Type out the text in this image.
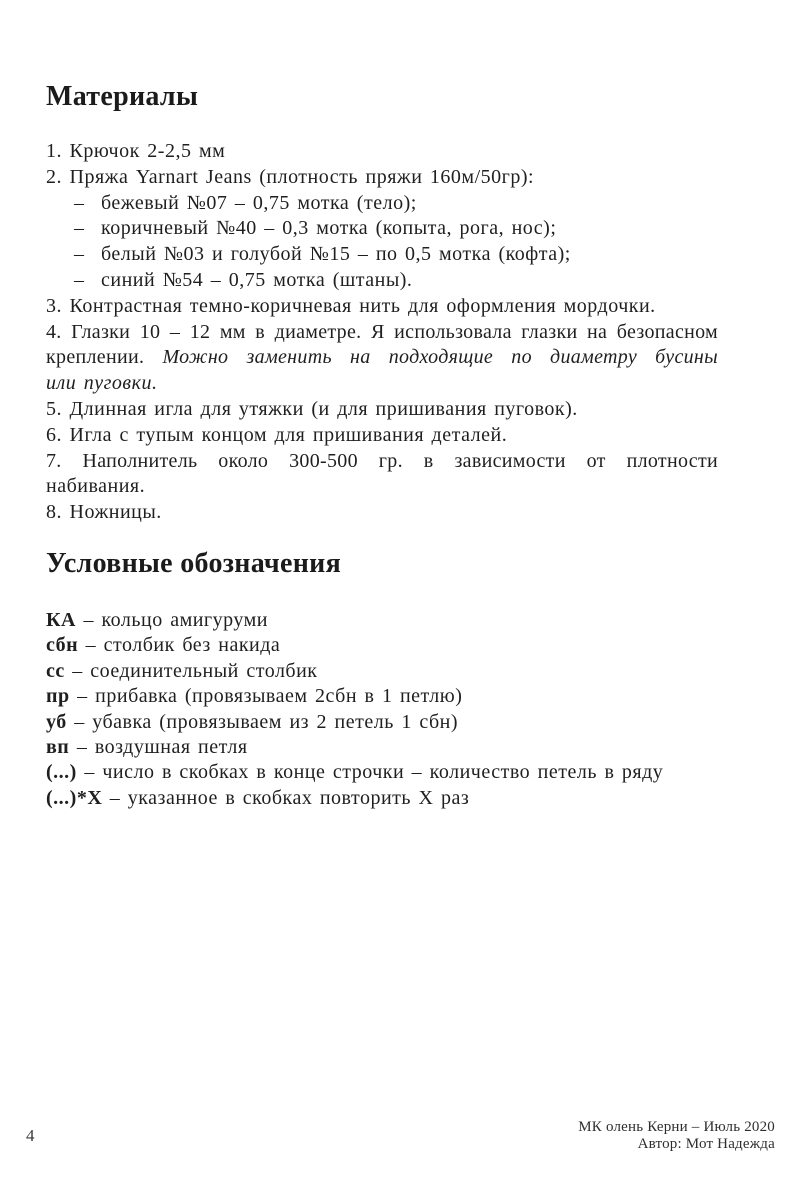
Материалы
1. Крючок 2-2,5 мм
2. Пряжа Yarnart Jeans (плотность пряжи 160м/50гр):
– бежевый №07 – 0,75 мотка (тело);
– коричневый №40 – 0,3 мотка (копыта, рога, нос);
– белый №03 и голубой №15 – по 0,5 мотка (кофта);
– синий №54 – 0,75 мотка (штаны).
3. Контрастная темно-коричневая нить для оформления мордочки.
4. Глазки 10 – 12 мм в диаметре. Я использовала глазки на безопасном
креплении. Можно заменить на подходящие по диаметру бусины
или пуговки.
5. Длинная игла для утяжки (и для пришивания пуговок).
6. Игла с тупым концом для пришивания деталей.
7. Наполнитель около 300-500 гр. в зависимости от плотности
набивания.
8. Ножницы.
Условные обозначения
КА – кольцо амигуруми
сбн – столбик без накида
сс – соединительный столбик
пр – прибавка (провязываем 2сбн в 1 петлю)
уб – убавка (провязываем из 2 петель 1 сбн)
вп – воздушная петля
(...) – число в скобках в конце строчки – количество петель в ряду
(...)*X – указанное в скобках повторить X раз
4	МК олень Керни – Июль 2020
Автор: Мот Надежда
